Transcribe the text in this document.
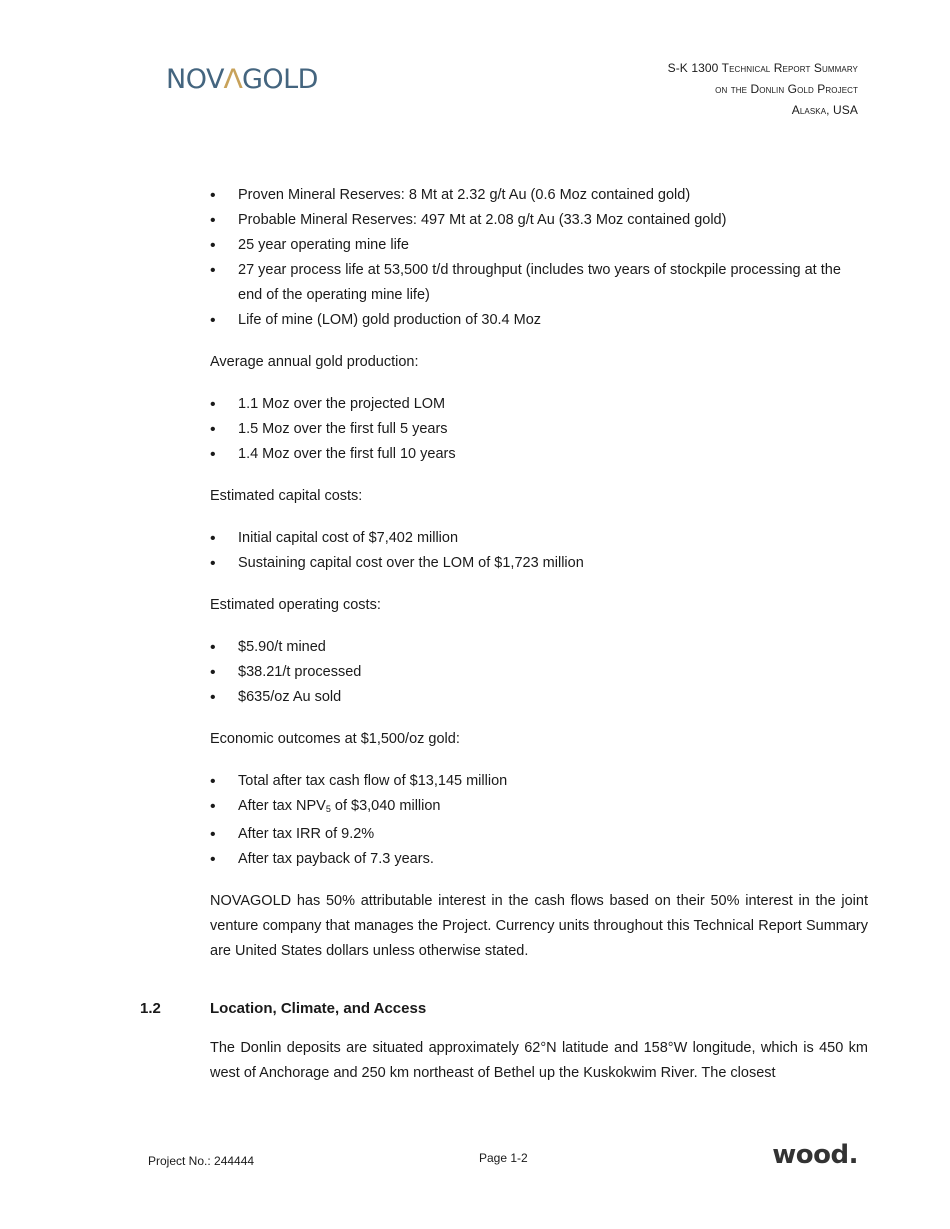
NOVΛGOLD	S-K 1300 Technical Report Summary
on the Donlin Gold Project
Alaska, USA
• Proven Mineral Reserves: 8 Mt at 2.32 g/t Au (0.6 Moz contained gold)
• Probable Mineral Reserves: 497 Mt at 2.08 g/t Au (33.3 Moz contained gold)
• 25 year operating mine life
• 27 year process life at 53,500 t/d throughput (includes two years of stockpile processing at the end of the operating mine life)
• Life of mine (LOM) gold production of 30.4 Moz

Average annual gold production:

• 1.1 Moz over the projected LOM
• 1.5 Moz over the first full 5 years
• 1.4 Moz over the first full 10 years

Estimated capital costs:

• Initial capital cost of $7,402 million
• Sustaining capital cost over the LOM of $1,723 million

Estimated operating costs:

• $5.90/t mined
• $38.21/t processed
• $635/oz Au sold

Economic outcomes at $1,500/oz gold:

• Total after tax cash flow of $13,145 million
• After tax $NPV_5$ of $3,040 million
• After tax IRR of 9.2%
• After tax payback of 7.3 years.

NOVAGOLD has 50% attributable interest in the cash flows based on their 50% interest in the joint venture company that manages the Project. Currency units throughout this Technical Report Summary are United States dollars unless otherwise stated.

1.2	Location, Climate, and Access

The Donlin deposits are situated approximately 62°N latitude and 158°W longitude, which is 450 km west of Anchorage and 250 km northeast of Bethel up the Kuskokwim River. The closest

Project No.: 244444	Page 1-2	wood.
